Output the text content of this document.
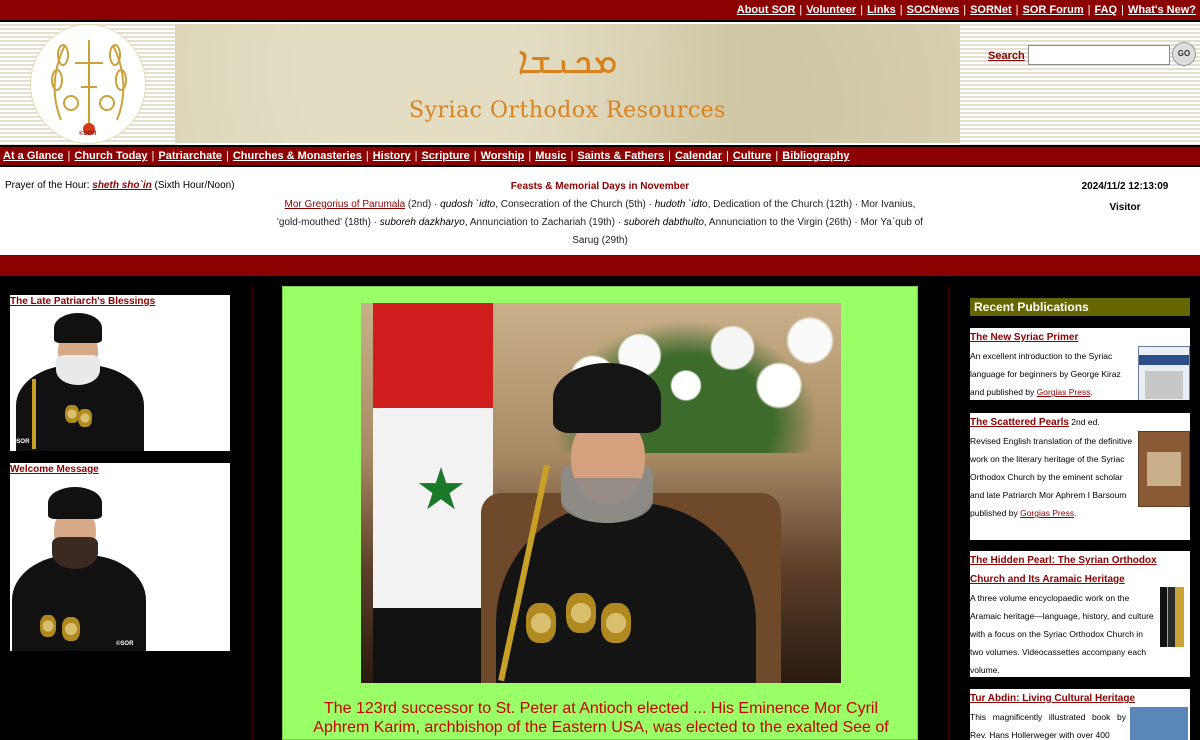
About SOR | Volunteer | Links | SOCNews | SORNet | SOR Forum | FAQ | What's New?
©SOR
ܡܟܢܫܐ
Syriac Orthodox Resources
Search	GO
At a Glance | Church Today | Patriarchate | Churches & Monasteries | History | Scripture | Worship | Music | Saints & Fathers | Calendar | Culture | Bibliography
Prayer of the Hour: sheth sho`in (Sixth Hour/Noon)	Feasts & Memorial Days in November
Mor Gregorius of Parumala (2nd) · qudosh `idto, Consecration of the Church (5th) · hudoth `idto, Dedication of the Church (12th) · Mor Ivanius, 'gold-mouthed' (18th) · suboreh dazkharyo, Annunciation to Zachariah (19th) · suboreh dabthulto, Annunciation to the Virgin (26th) · Mor Ya`qub of Sarug (29th)
2024/11/2 12:13:09
Visitor
The Late Patriarch's Blessings
©SOR
Welcome Message
©SOR
★
The 123rd successor to St. Peter at Antioch elected ... His Eminence Mor Cyril Aphrem Karim, archbishop of the Eastern USA, was elected to the exalted See of
Recent Publications
The New Syriac Primer
An excellent introduction to the Syriac language for beginners by George Kiraz and published by Gorgias Press.
The Scattered Pearls 2nd ed.
Revised English translation of the definitive work on the literary heritage of the Syriac Orthodox Church by the eminent scholar and late Patriarch Mor Aphrem I Barsoum published by Gorgias Press.
The Hidden Pearl: The Syrian Orthodox Church and Its Aramaic Heritage
A three volume encyclopaedic work on the Aramaic heritage—language, history, and culture with a focus on the Syriac Orthodox Church in two volumes. Videocassettes accompany each volume.
Tur Abdin: Living Cultural Heritage
This magnificently illustrated book by Rev. Hans Hollerweger with over 400
